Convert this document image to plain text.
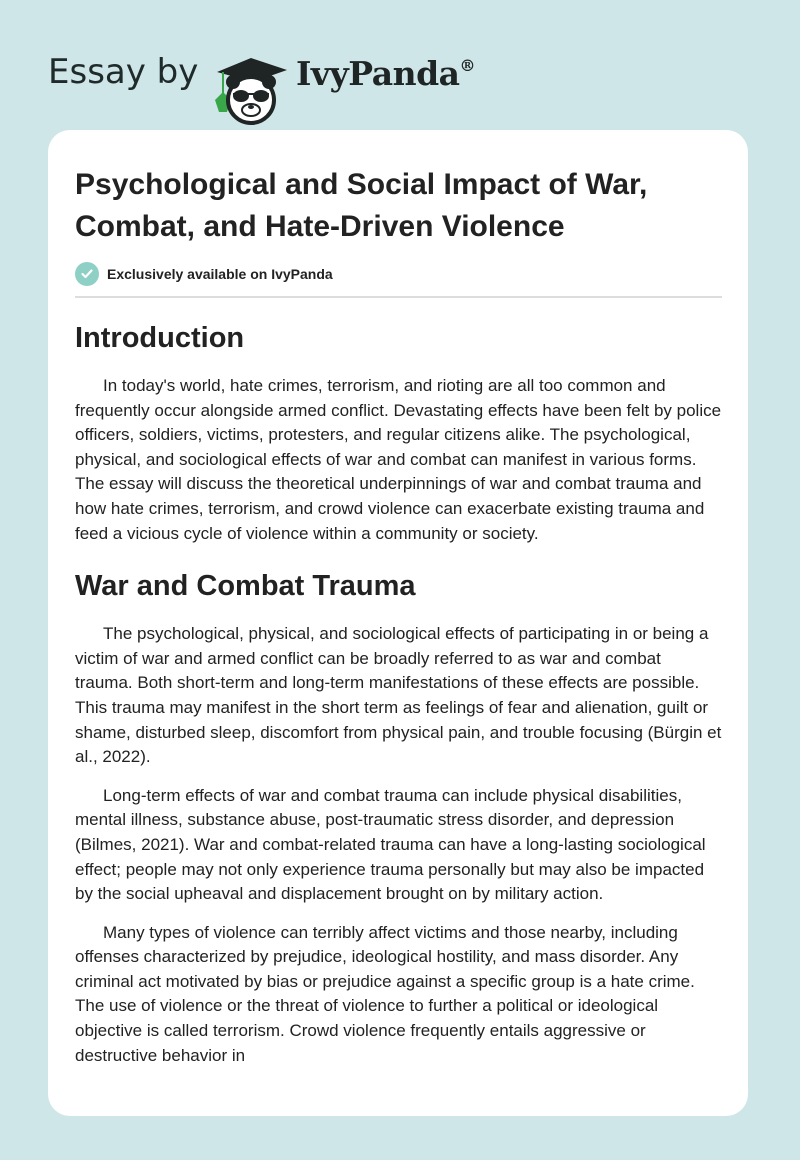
Essay by	IvyPanda®
Psychological and Social Impact of War, Combat, and Hate-Driven Violence
Exclusively available on IvyPanda
Introduction

In today's world, hate crimes, terrorism, and rioting are all too common and frequently occur alongside armed conflict. Devastating effects have been felt by police officers, soldiers, victims, protesters, and regular citizens alike. The psychological, physical, and sociological effects of war and combat can manifest in various forms. The essay will discuss the theoretical underpinnings of war and combat trauma and how hate crimes, terrorism, and crowd violence can exacerbate existing trauma and feed a vicious cycle of violence within a community or society.

War and Combat Trauma

The psychological, physical, and sociological effects of participating in or being a victim of war and armed conflict can be broadly referred to as war and combat trauma. Both short-term and long-term manifestations of these effects are possible. This trauma may manifest in the short term as feelings of fear and alienation, guilt or shame, disturbed sleep, discomfort from physical pain, and trouble focusing (Bürgin et al., 2022).

Long-term effects of war and combat trauma can include physical disabilities, mental illness, substance abuse, post-traumatic stress disorder, and depression (Bilmes, 2021). War and combat-related trauma can have a long-lasting sociological effect; people may not only experience trauma personally but may also be impacted by the social upheaval and displacement brought on by military action.

Many types of violence can terribly affect victims and those nearby, including offenses characterized by prejudice, ideological hostility, and mass disorder. Any criminal act motivated by bias or prejudice against a specific group is a hate crime. The use of violence or the threat of violence to further a political or ideological objective is called terrorism. Crowd violence frequently entails aggressive or destructive behavior in
